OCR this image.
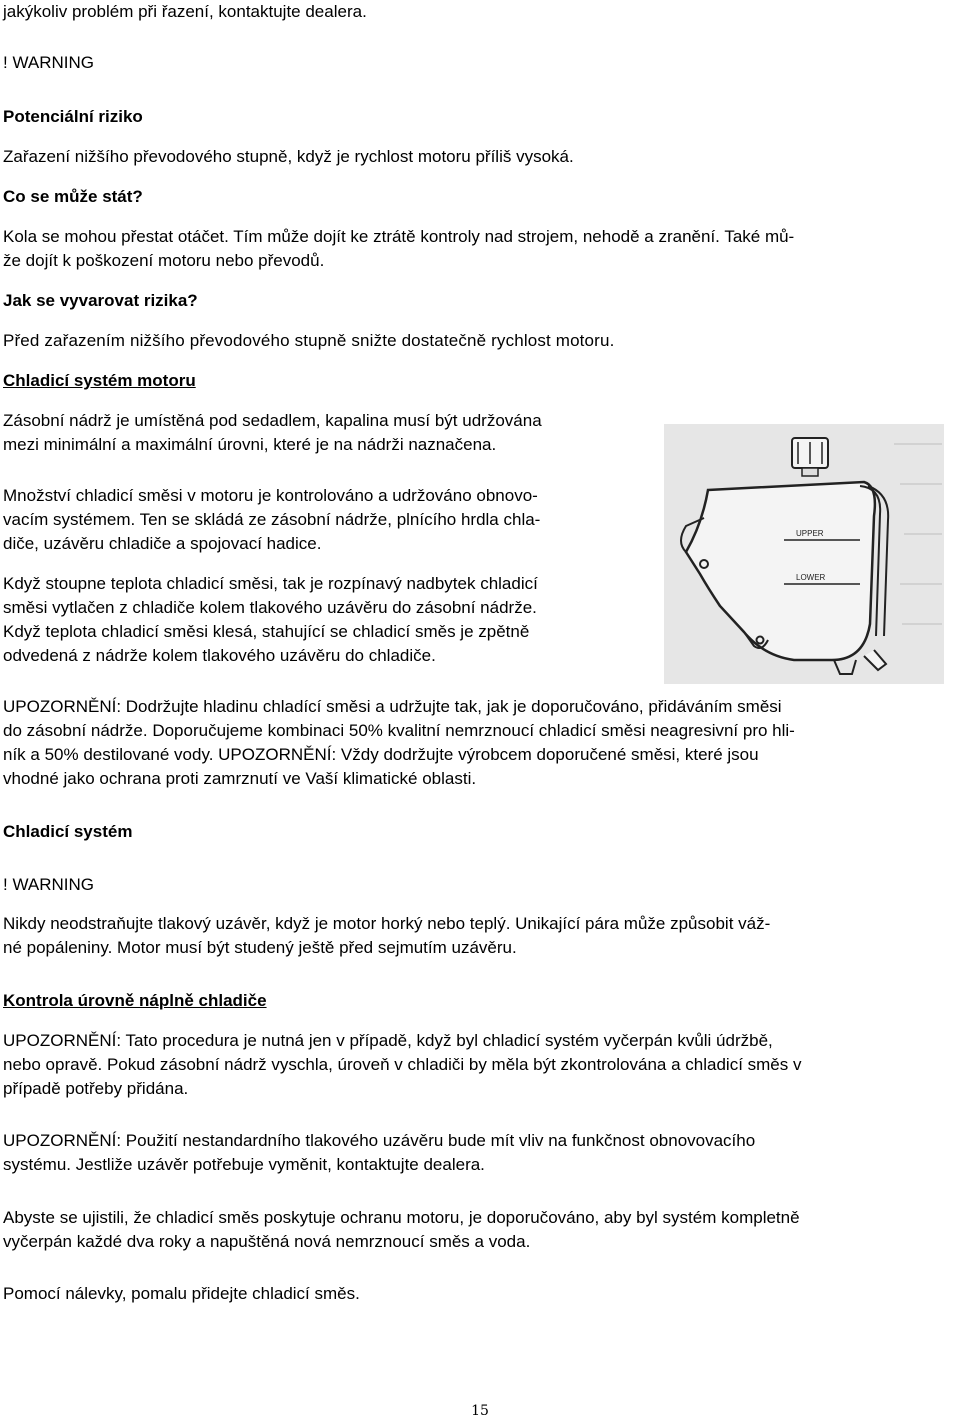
jakýkoliv problém při řazení, kontaktujte dealera.
! WARNING
Potenciální riziko
Zařazení nižšího převodového stupně, když je rychlost motoru příliš vysoká.
Co se může stát?
Kola se mohou přestat otáčet. Tím může dojít ke ztrátě kontroly nad strojem, nehodě a zranění. Také mů-
že dojít k poškození motoru nebo převodů.
Jak se vyvarovat rizika?
Před zařazením nižšího převodového stupně snižte dostatečně rychlost motoru.
Chladicí systém motoru
Zásobní nádrž je umístěná pod sedadlem, kapalina musí být udržována
mezi minimální a maximální úrovni, které je na nádrži naznačena.
Množství chladicí směsi v motoru je kontrolováno a udržováno obnovo-
vacím systémem. Ten se skládá ze zásobní nádrže, plnícího hrdla chla-
diče, uzávěru chladiče a spojovací hadice.
Když stoupne teplota chladicí směsi, tak je rozpínavý nadbytek chladicí
směsi vytlačen z chladiče kolem tlakového uzávěru do zásobní nádrže.
Když teplota chladicí směsi klesá, stahující se chladicí směs je zpětně
odvedená z nádrže kolem tlakového uzávěru do chladiče.
UPPER
LOWER
UPOZORNĚNÍ: Dodržujte hladinu chladící směsi a udržujte tak, jak je doporučováno, přidáváním směsi
do zásobní nádrže. Doporučujeme kombinaci 50% kvalitní nemrznoucí chladicí směsi neagresivní pro hli-
ník a 50% destilované vody. UPOZORNĚNÍ: Vždy dodržujte výrobcem doporučené směsi, které jsou
vhodné jako ochrana proti zamrznutí ve Vaší klimatické oblasti.
Chladicí systém
! WARNING
Nikdy neodstraňujte tlakový uzávěr, když je motor horký nebo teplý. Unikající pára může způsobit váž-
né popáleniny. Motor musí být studený ještě před sejmutím uzávěru.
Kontrola úrovně náplně chladiče
UPOZORNĚNÍ: Tato procedura je nutná jen v případě, když byl chladicí systém vyčerpán kvůli údržbě,
nebo opravě. Pokud zásobní nádrž vyschla, úroveň v chladiči by měla být zkontrolována a chladicí směs v
případě potřeby přidána.
UPOZORNĚNÍ: Použití nestandardního tlakového uzávěru bude mít vliv na funkčnost obnovovacího
systému. Jestliže uzávěr potřebuje vyměnit, kontaktujte dealera.
Abyste se ujistili, že chladicí směs poskytuje ochranu motoru, je doporučováno, aby byl systém kompletně
vyčerpán každé dva roky a napuštěná nová nemrznoucí směs a voda.
Pomocí nálevky, pomalu přidejte chladicí směs.
15
